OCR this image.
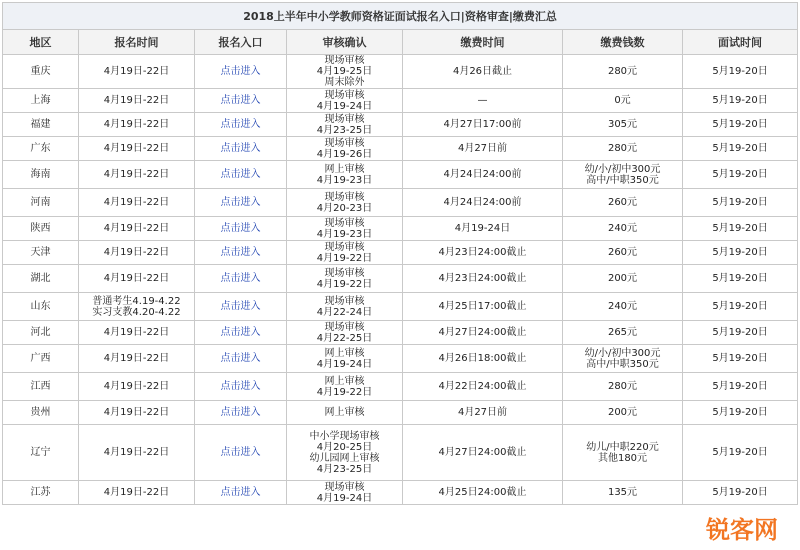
2018上半年中小学教师资格证面试报名入口|资格审查|缴费汇总						
地区	报名时间	报名入口	审核确认	缴费时间	缴费钱数	面试时间
重庆	4月19日-22日	点击进入	现场审核
4月19-25日
周末除外	4月26日截止	280元	5月19-20日

上海	4月19日-22日	点击进入	现场审核
4月19-24日	—	0元	5月19-20日

福建	4月19日-22日	点击进入	现场审核
4月23-25日	4月27日17:00前	305元	5月19-20日

广东	4月19日-22日	点击进入	现场审核
4月19-26日	4月27日前	280元	5月19-20日

海南	4月19日-22日	点击进入	网上审核
4月19-23日	4月24日24:00前	幼/小/初中300元
高中/中职350元	5月19-20日

河南	4月19日-22日	点击进入	现场审核
4月20-23日	4月24日24:00前	260元	5月19-20日

陕西	4月19日-22日	点击进入	现场审核
4月19-23日	4月19-24日	240元	5月19-20日

天津	4月19日-22日	点击进入	现场审核
4月19-22日	4月23日24:00截止	260元	5月19-20日

湖北	4月19日-22日	点击进入	现场审核
4月19-22日	4月23日24:00截止	200元	5月19-20日

山东	普通考生4.19-4.22
实习支教4.20-4.22	点击进入	现场审核
4月22-24日	4月25日17:00截止	240元	5月19-20日

河北	4月19日-22日	点击进入	现场审核
4月22-25日	4月27日24:00截止	265元	5月19-20日

广西	4月19日-22日	点击进入	网上审核
4月19-24日	4月26日18:00截止	幼/小/初中300元
高中/中职350元	5月19-20日

江西	4月19日-22日	点击进入	网上审核
4月19-22日	4月22日24:00截止	280元	5月19-20日

贵州	4月19日-22日	点击进入	网上审核	4月27日前	200元	5月19-20日

辽宁	4月19日-22日	点击进入	中小学现场审核
4月20-25日
幼儿园网上审核
4月23-25日	4月27日24:00截止	幼儿/中职220元
其他180元	5月19-20日

江苏	4月19日-22日	点击进入	现场审核
4月19-24日	4月25日24:00截止	135元	5月19-20日
锐客网
